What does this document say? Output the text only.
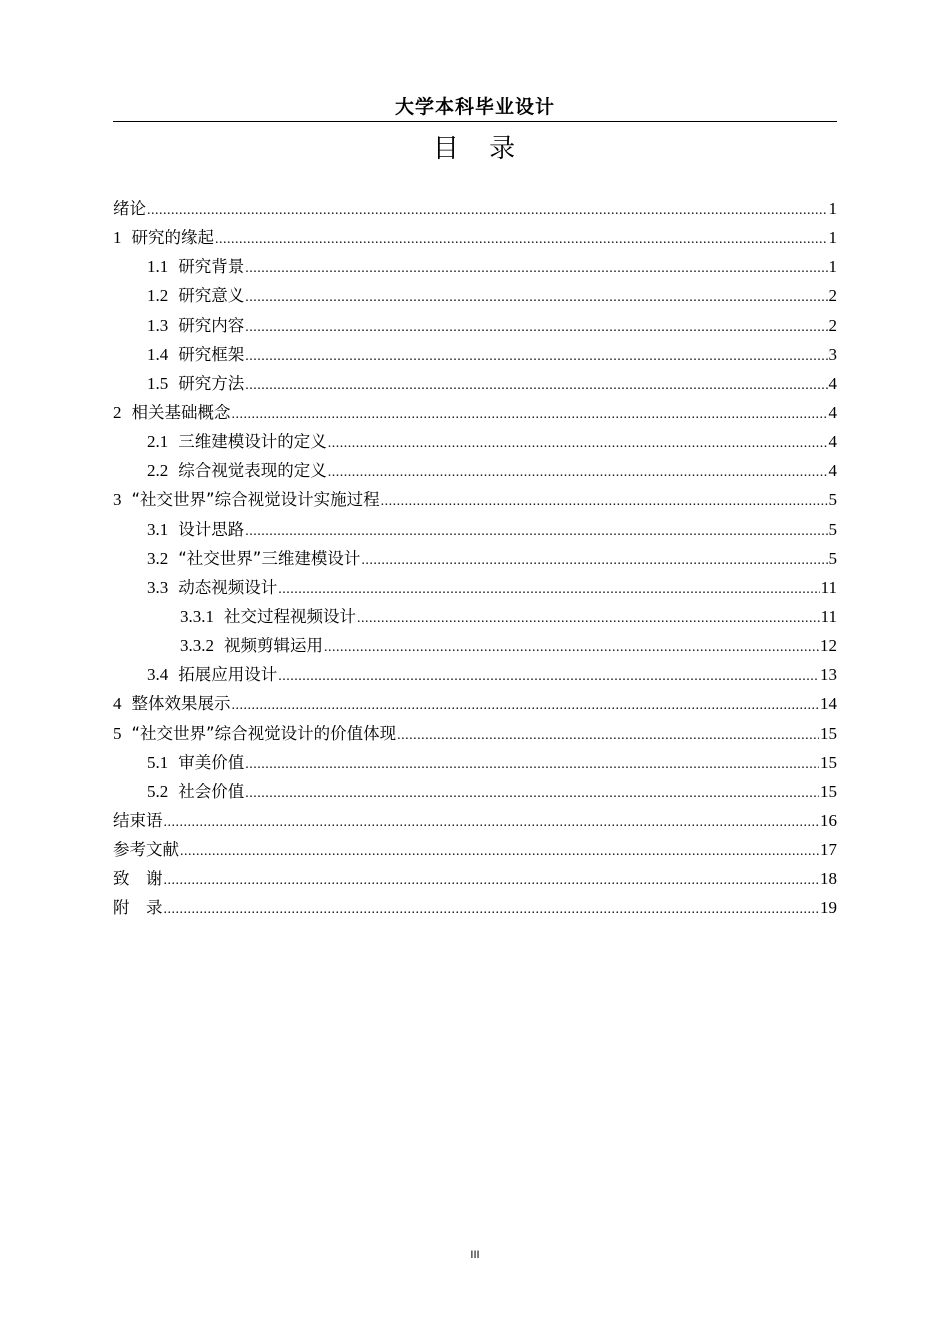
大学本科毕业设计
目 录
绪论 .....	1
1 研究的缘起 .....	1
1.1 研究背景 .....	1
1.2 研究意义 .....	2
1.3 研究内容 .....	2
1.4 研究框架 .....	3
1.5 研究方法 .....	4
2 相关基础概念 .....	4
2.1 三维建模设计的定义 .....	4
2.2 综合视觉表现的定义 .....	4
3 “社交世界”综合视觉设计实施过程 .....	5
3.1 设计思路 .....	5
3.2 “社交世界”三维建模设计 .....	5
3.3 动态视频设计 .....	11
3.3.1 社交过程视频设计 .....	11
3.3.2 视频剪辑运用 .....	12
3.4 拓展应用设计 .....	13
4 整体效果展示 .....	14
5 “社交世界”综合视觉设计的价值体现 .....	15
5.1 审美价值 .....	15
5.2 社会价值 .....	15
结束语 .....	16
参考文献 .....	17
致　谢 .....	18
附　录 .....	19
III
